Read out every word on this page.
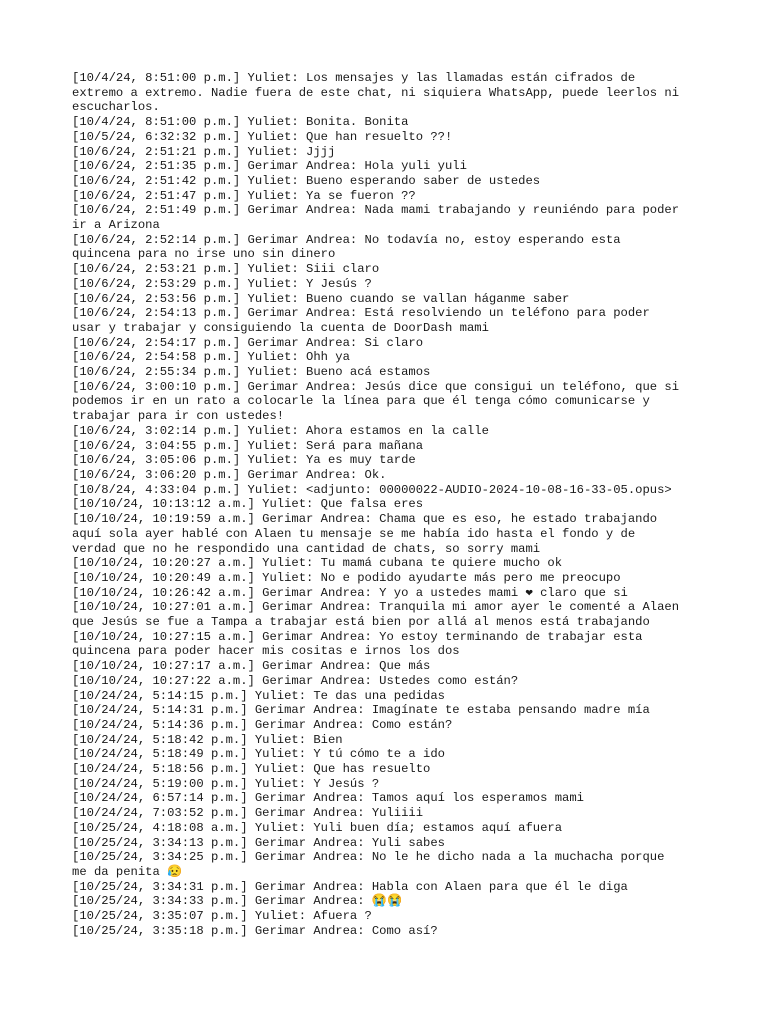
[10/4/24, 8:51:00 p.m.] Yuliet: Los mensajes y las llamadas están cifrados de
extremo a extremo. Nadie fuera de este chat, ni siquiera WhatsApp, puede leerlos ni
escucharlos.
[10/4/24, 8:51:00 p.m.] Yuliet: Bonita. Bonita
[10/5/24, 6:32:32 p.m.] Yuliet: Que han resuelto ??!
[10/6/24, 2:51:21 p.m.] Yuliet: Jjjj
[10/6/24, 2:51:35 p.m.] Gerimar Andrea: Hola yuli yuli
[10/6/24, 2:51:42 p.m.] Yuliet: Bueno esperando saber de ustedes
[10/6/24, 2:51:47 p.m.] Yuliet: Ya se fueron ??
[10/6/24, 2:51:49 p.m.] Gerimar Andrea: Nada mami trabajando y reuniéndo para poder
ir a Arizona
[10/6/24, 2:52:14 p.m.] Gerimar Andrea: No todavía no, estoy esperando esta
quincena para no irse uno sin dinero
[10/6/24, 2:53:21 p.m.] Yuliet: Siii claro
[10/6/24, 2:53:29 p.m.] Yuliet: Y Jesús ?
[10/6/24, 2:53:56 p.m.] Yuliet: Bueno cuando se vallan háganme saber
[10/6/24, 2:54:13 p.m.] Gerimar Andrea: Está resolviendo un teléfono para poder
usar y trabajar y consiguiendo la cuenta de DoorDash mami
[10/6/24, 2:54:17 p.m.] Gerimar Andrea: Si claro
[10/6/24, 2:54:58 p.m.] Yuliet: Ohh ya
[10/6/24, 2:55:34 p.m.] Yuliet: Bueno acá estamos
[10/6/24, 3:00:10 p.m.] Gerimar Andrea: Jesús dice que consigui un teléfono, que si
podemos ir en un rato a colocarle la línea para que él tenga cómo comunicarse y
trabajar para ir con ustedes!
[10/6/24, 3:02:14 p.m.] Yuliet: Ahora estamos en la calle
[10/6/24, 3:04:55 p.m.] Yuliet: Será para mañana
[10/6/24, 3:05:06 p.m.] Yuliet: Ya es muy tarde
[10/6/24, 3:06:20 p.m.] Gerimar Andrea: Ok.
[10/8/24, 4:33:04 p.m.] Yuliet: <adjunto: 00000022-AUDIO-2024-10-08-16-33-05.opus>
[10/10/24, 10:13:12 a.m.] Yuliet: Que falsa eres
[10/10/24, 10:19:59 a.m.] Gerimar Andrea: Chama que es eso, he estado trabajando
aquí sola ayer hablé con Alaen tu mensaje se me había ido hasta el fondo y de
verdad que no he respondido una cantidad de chats, so sorry mami
[10/10/24, 10:20:27 a.m.] Yuliet: Tu mamá cubana te quiere mucho ok
[10/10/24, 10:20:49 a.m.] Yuliet: No e podido ayudarte más pero me preocupo
[10/10/24, 10:26:42 a.m.] Gerimar Andrea: Y yo a ustedes mami ❤ claro que si
[10/10/24, 10:27:01 a.m.] Gerimar Andrea: Tranquila mi amor ayer le comenté a Alaen
que Jesús se fue a Tampa a trabajar está bien por allá al menos está trabajando
[10/10/24, 10:27:15 a.m.] Gerimar Andrea: Yo estoy terminando de trabajar esta
quincena para poder hacer mis cositas e irnos los dos
[10/10/24, 10:27:17 a.m.] Gerimar Andrea: Que más
[10/10/24, 10:27:22 a.m.] Gerimar Andrea: Ustedes como están?
[10/24/24, 5:14:15 p.m.] Yuliet: Te das una pedidas
[10/24/24, 5:14:31 p.m.] Gerimar Andrea: Imagínate te estaba pensando madre mía
[10/24/24, 5:14:36 p.m.] Gerimar Andrea: Como están?
[10/24/24, 5:18:42 p.m.] Yuliet: Bien
[10/24/24, 5:18:49 p.m.] Yuliet: Y tú cómo te a ido
[10/24/24, 5:18:56 p.m.] Yuliet: Que has resuelto
[10/24/24, 5:19:00 p.m.] Yuliet: Y Jesús ?
[10/24/24, 6:57:14 p.m.] Gerimar Andrea: Tamos aquí los esperamos mami
[10/24/24, 7:03:52 p.m.] Gerimar Andrea: Yuliiii
[10/25/24, 4:18:08 a.m.] Yuliet: Yuli buen día; estamos aquí afuera
[10/25/24, 3:34:13 p.m.] Gerimar Andrea: Yuli sabes
[10/25/24, 3:34:25 p.m.] Gerimar Andrea: No le he dicho nada a la muchacha porque
me da penita 😥
[10/25/24, 3:34:31 p.m.] Gerimar Andrea: Habla con Alaen para que él le diga
[10/25/24, 3:34:33 p.m.] Gerimar Andrea: 😭😭
[10/25/24, 3:35:07 p.m.] Yuliet: Afuera ?
[10/25/24, 3:35:18 p.m.] Gerimar Andrea: Como así?
